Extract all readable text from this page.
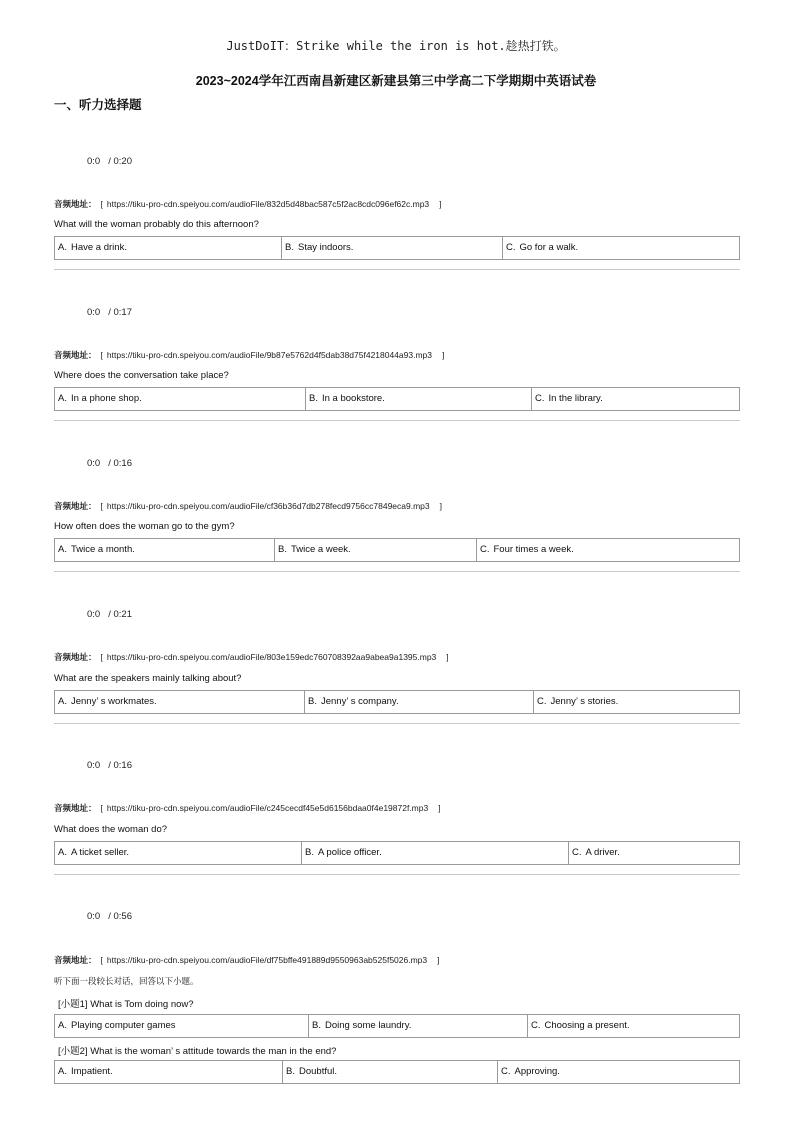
JustDoIT：Strike while the iron is hot.趁热打铁。
2023~2024学年江西南昌新建区新建县第三中学高二下学期期中英语试卷
一、听力选择题
0:0 / 0:20
音频地址： [ https://tiku-pro-cdn.speiyou.com/audioFile/832d5d48bac587c5f2ac8cdc096ef62c.mp3 ]
What will the woman probably do this afternoon?
A. Have a drink.	B. Stay indoors.	C. Go for a walk.
0:0 / 0:17
音频地址： [ https://tiku-pro-cdn.speiyou.com/audioFile/9b87e5762d4f5dab38d75f4218044a93.mp3 ]
Where does the conversation take place?
A. In a phone shop.	B. In a bookstore.	C. In the library.
0:0 / 0:16
音频地址： [ https://tiku-pro-cdn.speiyou.com/audioFile/cf36b36d7db278fecd9756cc7849eca9.mp3 ]
How often does the woman go to the gym?
A. Twice a month.	B. Twice a week.	C. Four times a week.
0:0 / 0:21
音频地址： [ https://tiku-pro-cdn.speiyou.com/audioFile/803e159edc760708392aa9abea9a1395.mp3 ]
What are the speakers mainly talking about?
A. Jenny’ s workmates.	B. Jenny’ s company.	C. Jenny’ s stories.
0:0 / 0:16
音频地址： [ https://tiku-pro-cdn.speiyou.com/audioFile/c245cecdf45e5d6156bdaa0f4e19872f.mp3 ]
What does the woman do?
A. A ticket seller.	B. A police officer.	C. A driver.
0:0 / 0:56
音频地址： [ https://tiku-pro-cdn.speiyou.com/audioFile/df75bffe491889d9550963ab525f5026.mp3 ]
听下面一段较长对话，回答以下小题。
[小题1] What is Tom doing now?
A. Playing computer games	B. Doing some laundry.	C. Choosing a present.
[小题2] What is the woman’ s attitude towards the man in the end?
A. Impatient.	B. Doubtful.	C. Approving.
